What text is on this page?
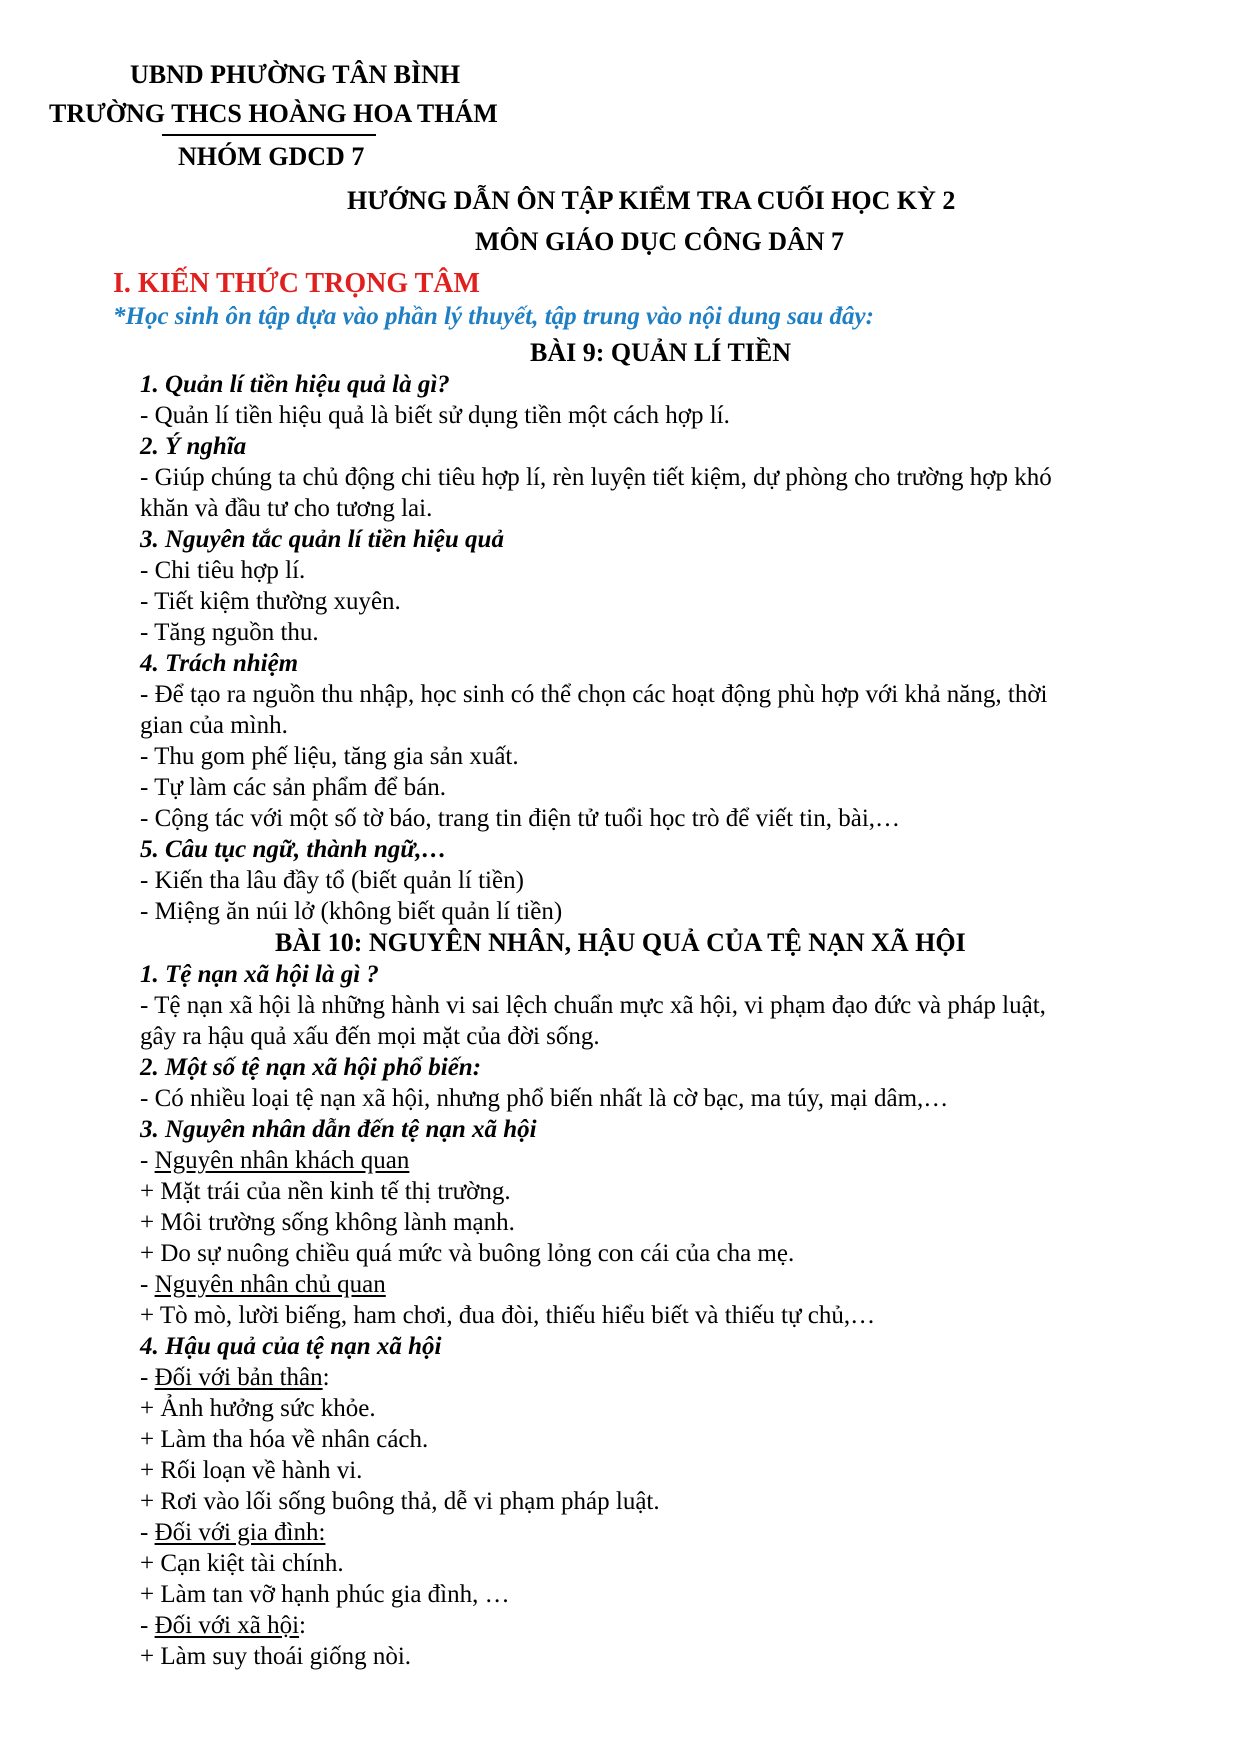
UBND PHƯỜNG TÂN BÌNH
TRƯỜNG THCS HOÀNG HOA THÁM
NHÓM GDCD 7
HƯỚNG DẪN ÔN TẬP KIỂM TRA CUỐI HỌC KỲ 2
MÔN GIÁO DỤC CÔNG DÂN 7
I. KIẾN THỨC TRỌNG TÂM
*Học sinh ôn tập dựa vào phần lý thuyết, tập trung vào nội dung sau đây:
BÀI 9: QUẢN LÍ TIỀN
1. Quản lí tiền hiệu quả là gì?
- Quản lí tiền hiệu quả là biết sử dụng tiền một cách hợp lí.
2. Ý nghĩa
- Giúp chúng ta chủ động chi tiêu hợp lí, rèn luyện tiết kiệm, dự phòng cho trường hợp khó
khăn và đầu tư cho tương lai.
3. Nguyên tắc quản lí tiền hiệu quả
- Chi tiêu hợp lí.
- Tiết kiệm thường xuyên.
- Tăng nguồn thu.
4. Trách nhiệm
- Để tạo ra nguồn thu nhập, học sinh có thể chọn các hoạt động phù hợp với khả năng, thời
gian của mình.
- Thu gom phế liệu, tăng gia sản xuất.
- Tự làm các sản phẩm để bán.
- Cộng tác với một số tờ báo, trang tin điện tử tuổi học trò để viết tin, bài,…
5. Câu tục ngữ, thành ngữ,…
- Kiến tha lâu đầy tổ (biết quản lí tiền)
- Miệng ăn núi lở (không biết quản lí tiền)
BÀI 10: NGUYÊN NHÂN, HẬU QUẢ CỦA TỆ NẠN XÃ HỘI
1. Tệ nạn xã hội là gì ?
- Tệ nạn xã hội là những hành vi sai lệch chuẩn mực xã hội, vi phạm đạo đức và pháp luật,
gây ra hậu quả xấu đến mọi mặt của đời sống.
2. Một số tệ nạn xã hội phổ biến:
- Có nhiều loại tệ nạn xã hội, nhưng phổ biến nhất là cờ bạc, ma túy, mại dâm,…
3. Nguyên nhân dẫn đến tệ nạn xã hội
- Nguyên nhân khách quan
+ Mặt trái của nền kinh tế thị trường.
+ Môi trường sống không lành mạnh.
+ Do sự nuông chiều quá mức và buông lỏng con cái của cha mẹ.
- Nguyên nhân chủ quan
+ Tò mò, lười biếng, ham chơi, đua đòi, thiếu hiểu biết và thiếu tự chủ,…
4. Hậu quả của tệ nạn xã hội
- Đối với bản thân:
+ Ảnh hưởng sức khỏe.
+ Làm tha hóa về nhân cách.
+ Rối loạn về hành vi.
+ Rơi vào lối sống buông thả, dễ vi phạm pháp luật.
- Đối với gia đình:
+ Cạn kiệt tài chính.
+ Làm tan vỡ hạnh phúc gia đình, …
- Đối với xã hội:
+ Làm suy thoái giống nòi.
